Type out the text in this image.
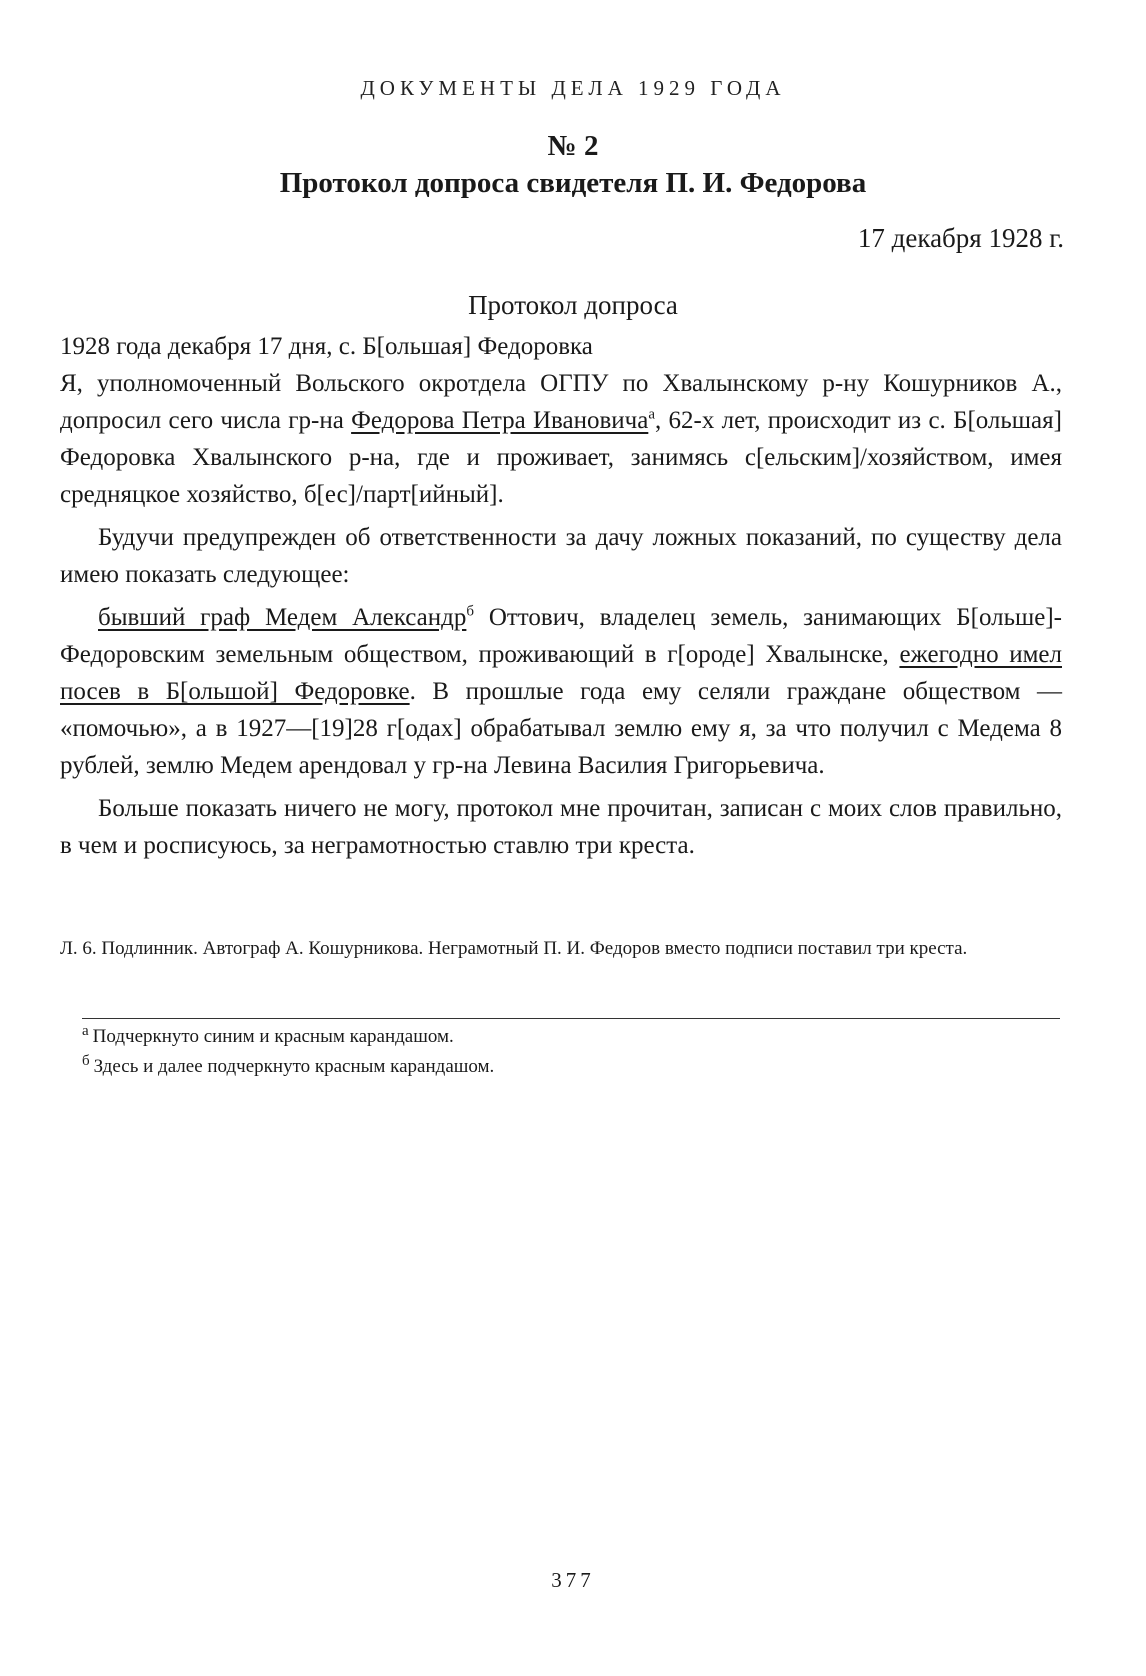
ДОКУМЕНТЫ ДЕЛА 1929 ГОДА
№ 2
Протокол допроса свидетеля П. И. Федорова
17 декабря 1928 г.
Протокол допроса

1928 года декабря 17 дня, с. Б[ольшая] Федоровка

Я, уполномоченный Вольского окротдела ОГПУ по Хвалынскому р-ну Кошурников А., допросил сего числа гр-на Федорова Петра Ивановича$^а$, 62-х лет, происходит из с. Б[ольшая] Федоровка Хвалынского р-на, где и проживает, занимясь с[ельским]/хозяйством, имея средняцкое хозяйство, б[ес]/парт[ийный].

Будучи предупрежден об ответственности за дачу ложных показаний, по существу дела имею показать следующее:

бывший граф Медем Александр$^б$ Оттович, владелец земель, занимающих Б[ольше]-Федоровским земельным обществом, проживающий в г[ороде] Хвалынске, ежегодно имел посев в Б[ольшой] Федоровке. В прошлые года ему селяли граждане обществом — «помочью», а в 1927—[19]28 г[одах] обрабатывал землю ему я, за что получил с Медема 8 рублей, землю Медем арендовал у гр-на Левина Василия Григорьевича.

Больше показать ничего не могу, протокол мне прочитан, записан с моих слов правильно, в чем и росписуюсь, за неграмотностью ставлю три креста.

Л. 6. Подлинник. Автограф А. Кошурникова. Неграмотный П. И. Федоров вместо подписи поставил три креста.
$^а$ Подчеркнуто синим и красным карандашом.
$^б$ Здесь и далее подчеркнуто красным карандашом.
377
